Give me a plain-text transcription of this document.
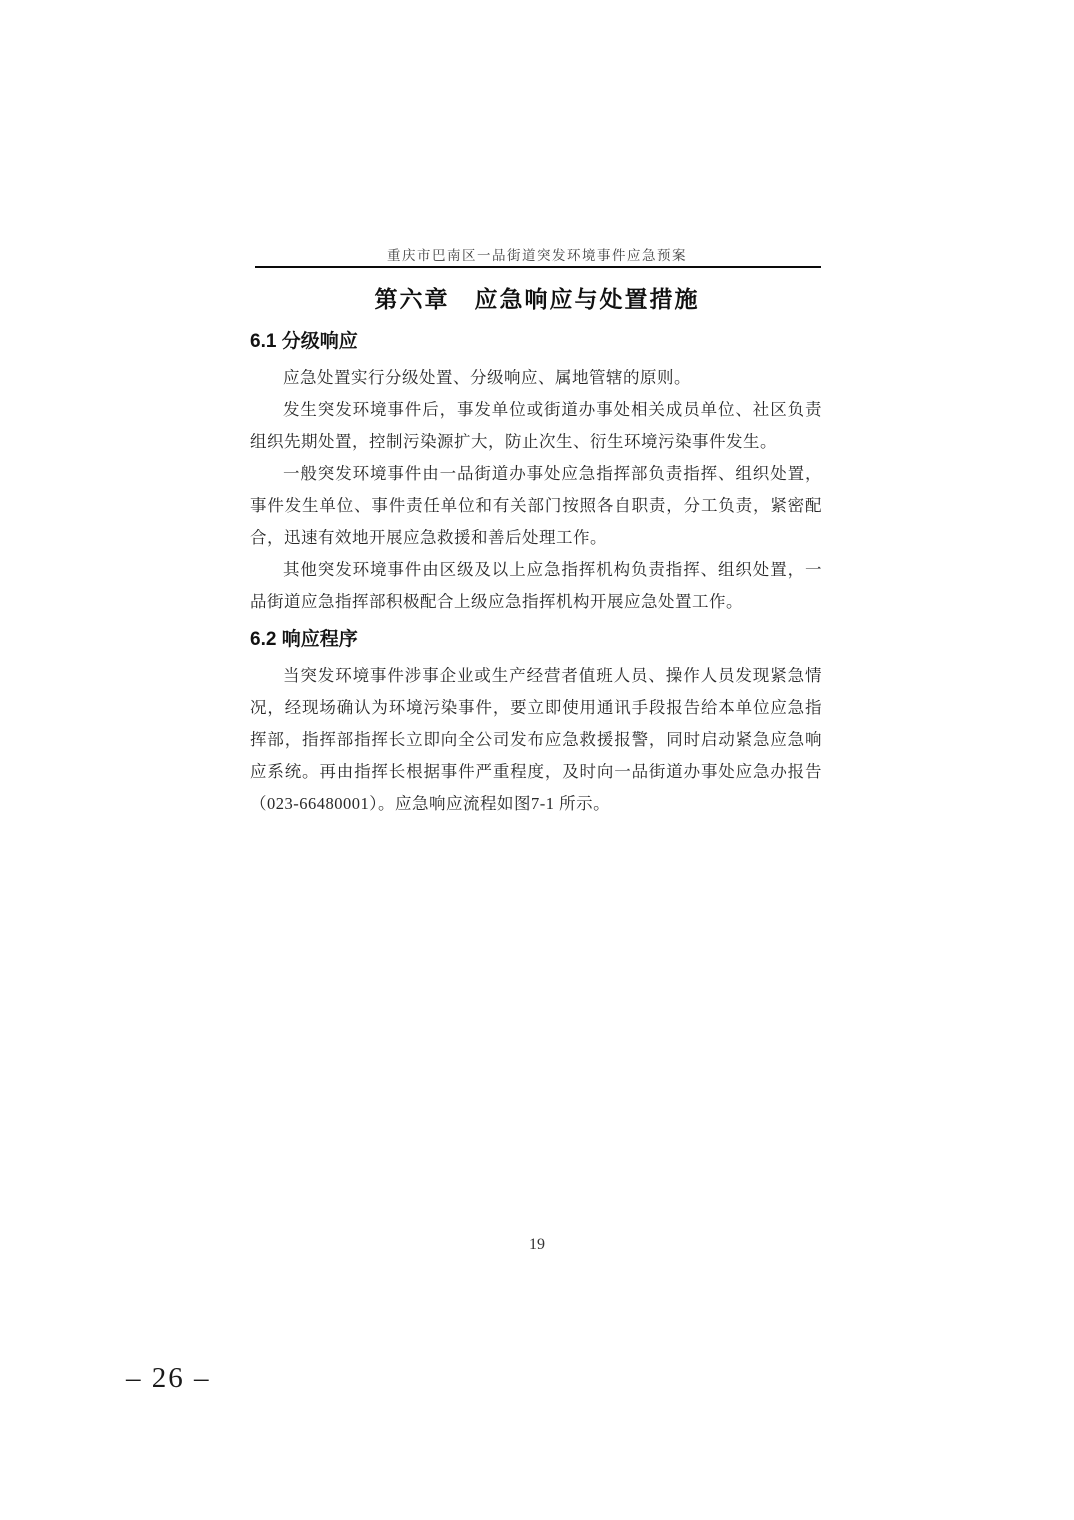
重庆市巴南区一品街道突发环境事件应急预案
第六章　应急响应与处置措施
6.1 分级响应

应急处置实行分级处置、分级响应、属地管辖的原则。

发生突发环境事件后，事发单位或街道办事处相关成员单位、社区负责组织先期处置，控制污染源扩大，防止次生、衍生环境污染事件发生。

一般突发环境事件由一品街道办事处应急指挥部负责指挥、组织处置，事件发生单位、事件责任单位和有关部门按照各自职责，分工负责，紧密配合，迅速有效地开展应急救援和善后处理工作。

其他突发环境事件由区级及以上应急指挥机构负责指挥、组织处置，一品街道应急指挥部积极配合上级应急指挥机构开展应急处置工作。

6.2 响应程序

当突发环境事件涉事企业或生产经营者值班人员、操作人员发现紧急情况，经现场确认为环境污染事件，要立即使用通讯手段报告给本单位应急指挥部，指挥部指挥长立即向全公司发布应急救援报警，同时启动紧急应急响应系统。再由指挥长根据事件严重程度，及时向一品街道办事处应急办报告（023-66480001）。应急响应流程如图7-1 所示。

19
– 26 –
